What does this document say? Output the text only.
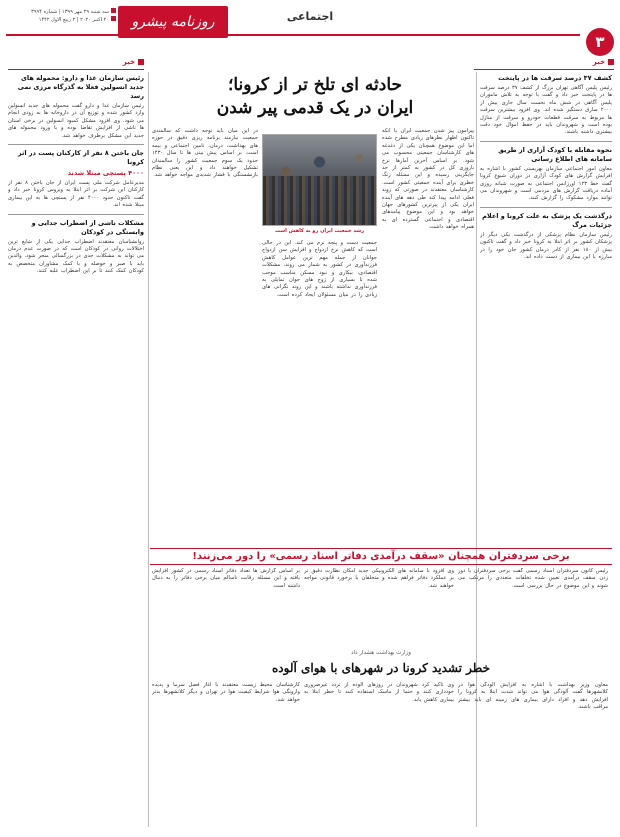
۳
اجتماعی
روزنامه پیشرو
سه شنبه ۲۹ مهر ۱۳۹۹ | شماره ۳۹۹۴
۲۰ اکتبر ۲۰۲۰ | ۲ ربیع الاول ۱۴۴۲
خبر
خبر
حادثه ای تلخ تر از کرونا؛
ایران در یک قدمی پیر شدن

پیرامون پیر شدن جمعیت ایران با آنکه تاکنون اظهار نظرهای زیادی مطرح شده اما این موضوع همچنان یکی از دغدغه های کارشناسان جمعیتی محسوب می شود. بر اساس آخرین آمارها نرخ باروری کل در کشور به کمتر از حد جایگزینی رسیده و این مسئله زنگ خطری برای آینده جمعیتی کشور است. کارشناسان معتقدند در صورتی که روند فعلی ادامه پیدا کند طی دهه های آینده ایران یکی از پیرترین کشورهای جهان خواهد بود و این موضوع پیامدهای اقتصادی و اجتماعی گسترده ای به همراه خواهد داشت.

رشد جمعیت ایران رو به کاهش است

جمعیت دست و پنجه نرم می کند. این در حالی است که کاهش نرخ ازدواج و افزایش سن ازدواج جوانان از جمله مهم ترین عوامل کاهش فرزندآوری در کشور به شمار می روند. مشکلات اقتصادی، بیکاری و نبود مسکن مناسب موجب شده تا بسیاری از زوج های جوان تمایلی به فرزندآوری نداشته باشند و این روند نگرانی های زیادی را در میان مسئولان ایجاد کرده است.

در این میان باید توجه داشت که سالمندی جمعیت نیازمند برنامه ریزی دقیق در حوزه های بهداشت، درمان، تامین اجتماعی و بیمه است. بر اساس پیش بینی ها تا سال ۱۴۳۰ حدود یک سوم جمعیت کشور را سالمندان تشکیل خواهند داد و این یعنی نظام بازنشستگی با فشار شدیدی مواجه خواهد شد.

کشف ۳۷ درصد سرقت ها در پایتخت

رئیس پلیس آگاهی تهران بزرگ از کشف ۳۷ درصد سرقت ها در پایتخت خبر داد و گفت با توجه به تلاش ماموران پلیس آگاهی در شش ماه نخست سال جاری بیش از ۲۰۰۰ سارق دستگیر شده اند. وی افزود بیشترین سرقت ها مربوط به سرقت قطعات خودرو و سرقت از منازل بوده است و شهروندان باید در حفظ اموال خود دقت بیشتری داشته باشند.

نحوه مقابله با کودک آزاری از طریق سامانه های اطلاع رسانی

معاون امور اجتماعی سازمان بهزیستی کشور با اشاره به افزایش گزارش های کودک آزاری در دوران شیوع کرونا گفت خط ۱۲۳ اورژانس اجتماعی به صورت شبانه روزی آماده دریافت گزارش های مردمی است و شهروندان می توانند موارد مشکوک را گزارش کنند.

درگذشت یک پزشک به علت کرونا و اعلام جزئیات مرگ

رئیس سازمان نظام پزشکی از درگذشت یکی دیگر از پزشکان کشور بر اثر ابتلا به کرونا خبر داد و گفت تاکنون بیش از ۱۸۰ نفر از کادر درمان کشور جان خود را در مبارزه با این بیماری از دست داده اند.

رئیس سازمان غذا و دارو: محموله های جدید انسولین فعلا به گذرگاه مرزی نمی رسد

رئیس سازمان غذا و دارو گفت محموله های جدید انسولین وارد کشور شده و توزیع آن در داروخانه ها به زودی انجام می شود. وی افزود مشکل کمبود انسولین در برخی استان ها ناشی از افزایش تقاضا بوده و با ورود محموله های جدید این مشکل برطرف خواهد شد.

جان باختن ۸ نفر از کارکنان پست در اثر کرونا
۴۰۰۰ پستچی مبتلا شدند

مدیرعامل شرکت ملی پست ایران از جان باختن ۸ نفر از کارکنان این شرکت بر اثر ابتلا به ویروس کرونا خبر داد و گفت تاکنون حدود ۴۰۰۰ نفر از پستچی ها به این بیماری مبتلا شده اند.

مشکلات ناشی از اضطراب جدایی و وابستگی در کودکان

روانشناسان معتقدند اضطراب جدایی یکی از شایع ترین اختلالات روانی در کودکان است که در صورت عدم درمان می تواند به مشکلات جدی در بزرگسالی منجر شود. والدین باید با صبر و حوصله و با کمک مشاوران متخصص به کودکان کمک کنند تا بر این اضطراب غلبه کنند.

برخی سردفتران همچنان «سقف درآمدی دفاتر اسناد رسمی» را دور می‌زنند!

رئیس کانون سردفتران اسناد رسمی گفت برخی سردفتران با دور زدن سقف درآمدی تعیین شده تخلفات متعددی را مرتکب می شوند و این موضوع در حال بررسی است.

وی افزود با سامانه های الکترونیکی جدید امکان نظارت دقیق تر بر عملکرد دفاتر فراهم شده و متخلفان با برخورد قانونی مواجه خواهند شد.

بر اساس گزارش ها تعداد دفاتر اسناد رسمی در کشور افزایش یافته و این مسئله رقابت ناسالم میان برخی دفاتر را به دنبال داشته است.

وزارت بهداشت هشدار داد
خطر تشدید کرونا در شهرهای با هوای آلوده

معاون وزیر بهداشت با اشاره به افزایش آلودگی هوا در کلانشهرها گفت آلودگی هوا می تواند شدت ابتلا به کرونا را افزایش دهد و افراد دارای بیماری های زمینه ای باید بیشتر مراقب باشند.

وی تاکید کرد شهروندان در روزهای آلوده از تردد غیرضروری خودداری کنند و حتما از ماسک استفاده کنند تا خطر ابتلا به بیماری کاهش یابد.

کارشناسان محیط زیست معتقدند با آغاز فصل سرما و پدیده وارونگی هوا شرایط کیفیت هوا در تهران و دیگر کلانشهرها بدتر خواهد شد.
